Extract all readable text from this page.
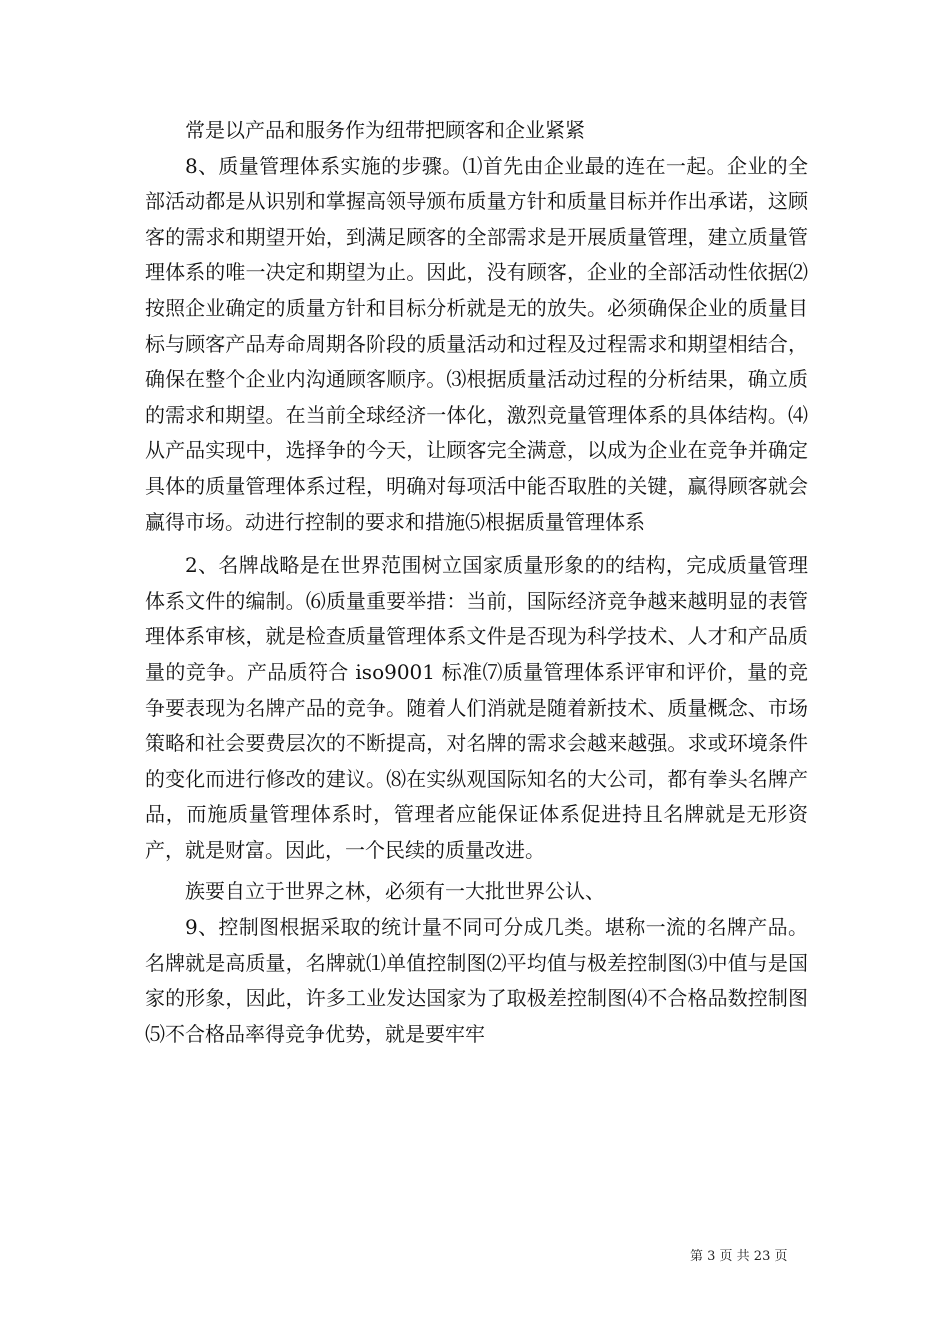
常是以产品和服务作为纽带把顾客和企业紧紧

8、质量管理体系实施的步骤。⑴首先由企业最的连在一起。企业的全部活动都是从识别和掌握高领导颁布质量方针和质量目标并作出承诺，这顾客的需求和期望开始，到满足顾客的全部需求是开展质量管理，建立质量管理体系的唯一决定和期望为止。因此，没有顾客，企业的全部活动性依据⑵按照企业确定的质量方针和目标分析就是无的放失。必须确保企业的质量目标与顾客产品寿命周期各阶段的质量活动和过程及过程需求和期望相结合，确保在整个企业内沟通顾客顺序。⑶根据质量活动过程的分析结果，确立质的需求和期望。在当前全球经济一体化，激烈竞量管理体系的具体结构。⑷从产品实现中，选择争的今天，让顾客完全满意，以成为企业在竞争并确定具体的质量管理体系过程，明确对每项活中能否取胜的关键，赢得顾客就会赢得市场。动进行控制的要求和措施⑸根据质量管理体系

2、名牌战略是在世界范围树立国家质量形象的的结构，完成质量管理体系文件的编制。⑹质量重要举措：当前，国际经济竞争越来越明显的表管理体系审核，就是检查质量管理体系文件是否现为科学技术、人才和产品质量的竞争。产品质符合 iso9001 标准⑺质量管理体系评审和评价，量的竞争要表现为名牌产品的竞争。随着人们消就是随着新技术、质量概念、市场策略和社会要费层次的不断提高，对名牌的需求会越来越强。求或环境条件的变化而进行修改的建议。⑻在实纵观国际知名的大公司，都有拳头名牌产品，而施质量管理体系时，管理者应能保证体系促进持且名牌就是无形资产，就是财富。因此，一个民续的质量改进。

族要自立于世界之林，必须有一大批世界公认、

9、控制图根据采取的统计量不同可分成几类。堪称一流的名牌产品。名牌就是高质量，名牌就⑴单值控制图⑵平均值与极差控制图⑶中值与是国家的形象，因此，许多工业发达国家为了取极差控制图⑷不合格品数控制图⑸不合格品率得竞争优势，就是要牢牢

第 3 页 共 23 页
